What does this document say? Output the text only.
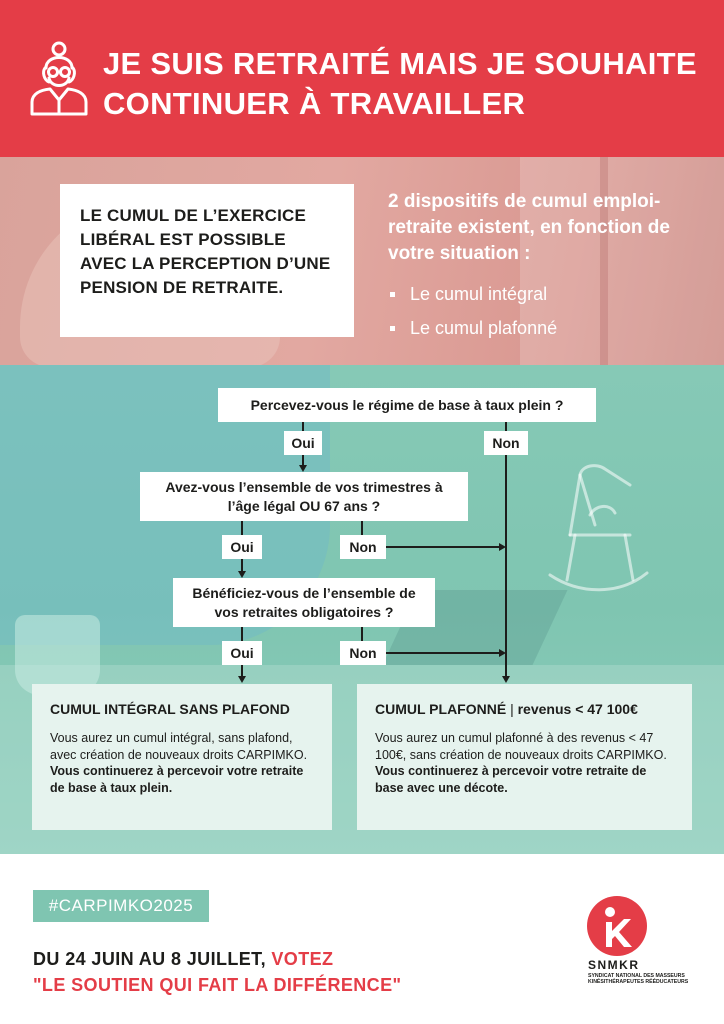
JE SUIS RETRAITÉ MAIS JE SOUHAITE
CONTINUER À TRAVAILLER
LE CUMUL DE L’EXERCICE LIBÉRAL EST POSSIBLE AVEC LA PERCEPTION D’UNE PENSION DE RETRAITE.
2 dispositifs de cumul emploi-retraite existent, en fonction de votre situation :
Le cumul intégral
Le cumul plafonné
Percevez-vous le régime de base à taux plein ?
Oui	Non
Avez-vous l’ensemble de vos trimestres à l’âge légal OU 67 ans ?
Oui	Non
Bénéficiez-vous de l’ensemble de vos retraites obligatoires ?
Oui	Non
CUMUL INTÉGRAL SANS PLAFOND
Vous aurez un cumul intégral, sans plafond, avec création de nouveaux droits CARPIMKO. Vous continuerez à percevoir votre retraite de base à taux plein.
CUMUL PLAFONNÉ | revenus < 47 100€
Vous aurez un cumul plafonné à des revenus < 47 100€, sans création de nouveaux droits CARPIMKO.
Vous continuerez à percevoir votre retraite de base avec une décote.
#CARPIMKO2025
DU 24 JUIN AU 8 JUILLET, VOTEZ
"LE SOUTIEN QUI FAIT LA DIFFÉRENCE"
SNMKR
SYNDICAT NATIONAL DES MASSEURS KINÉSITHÉRAPEUTES RÉÉDUCATEURS
